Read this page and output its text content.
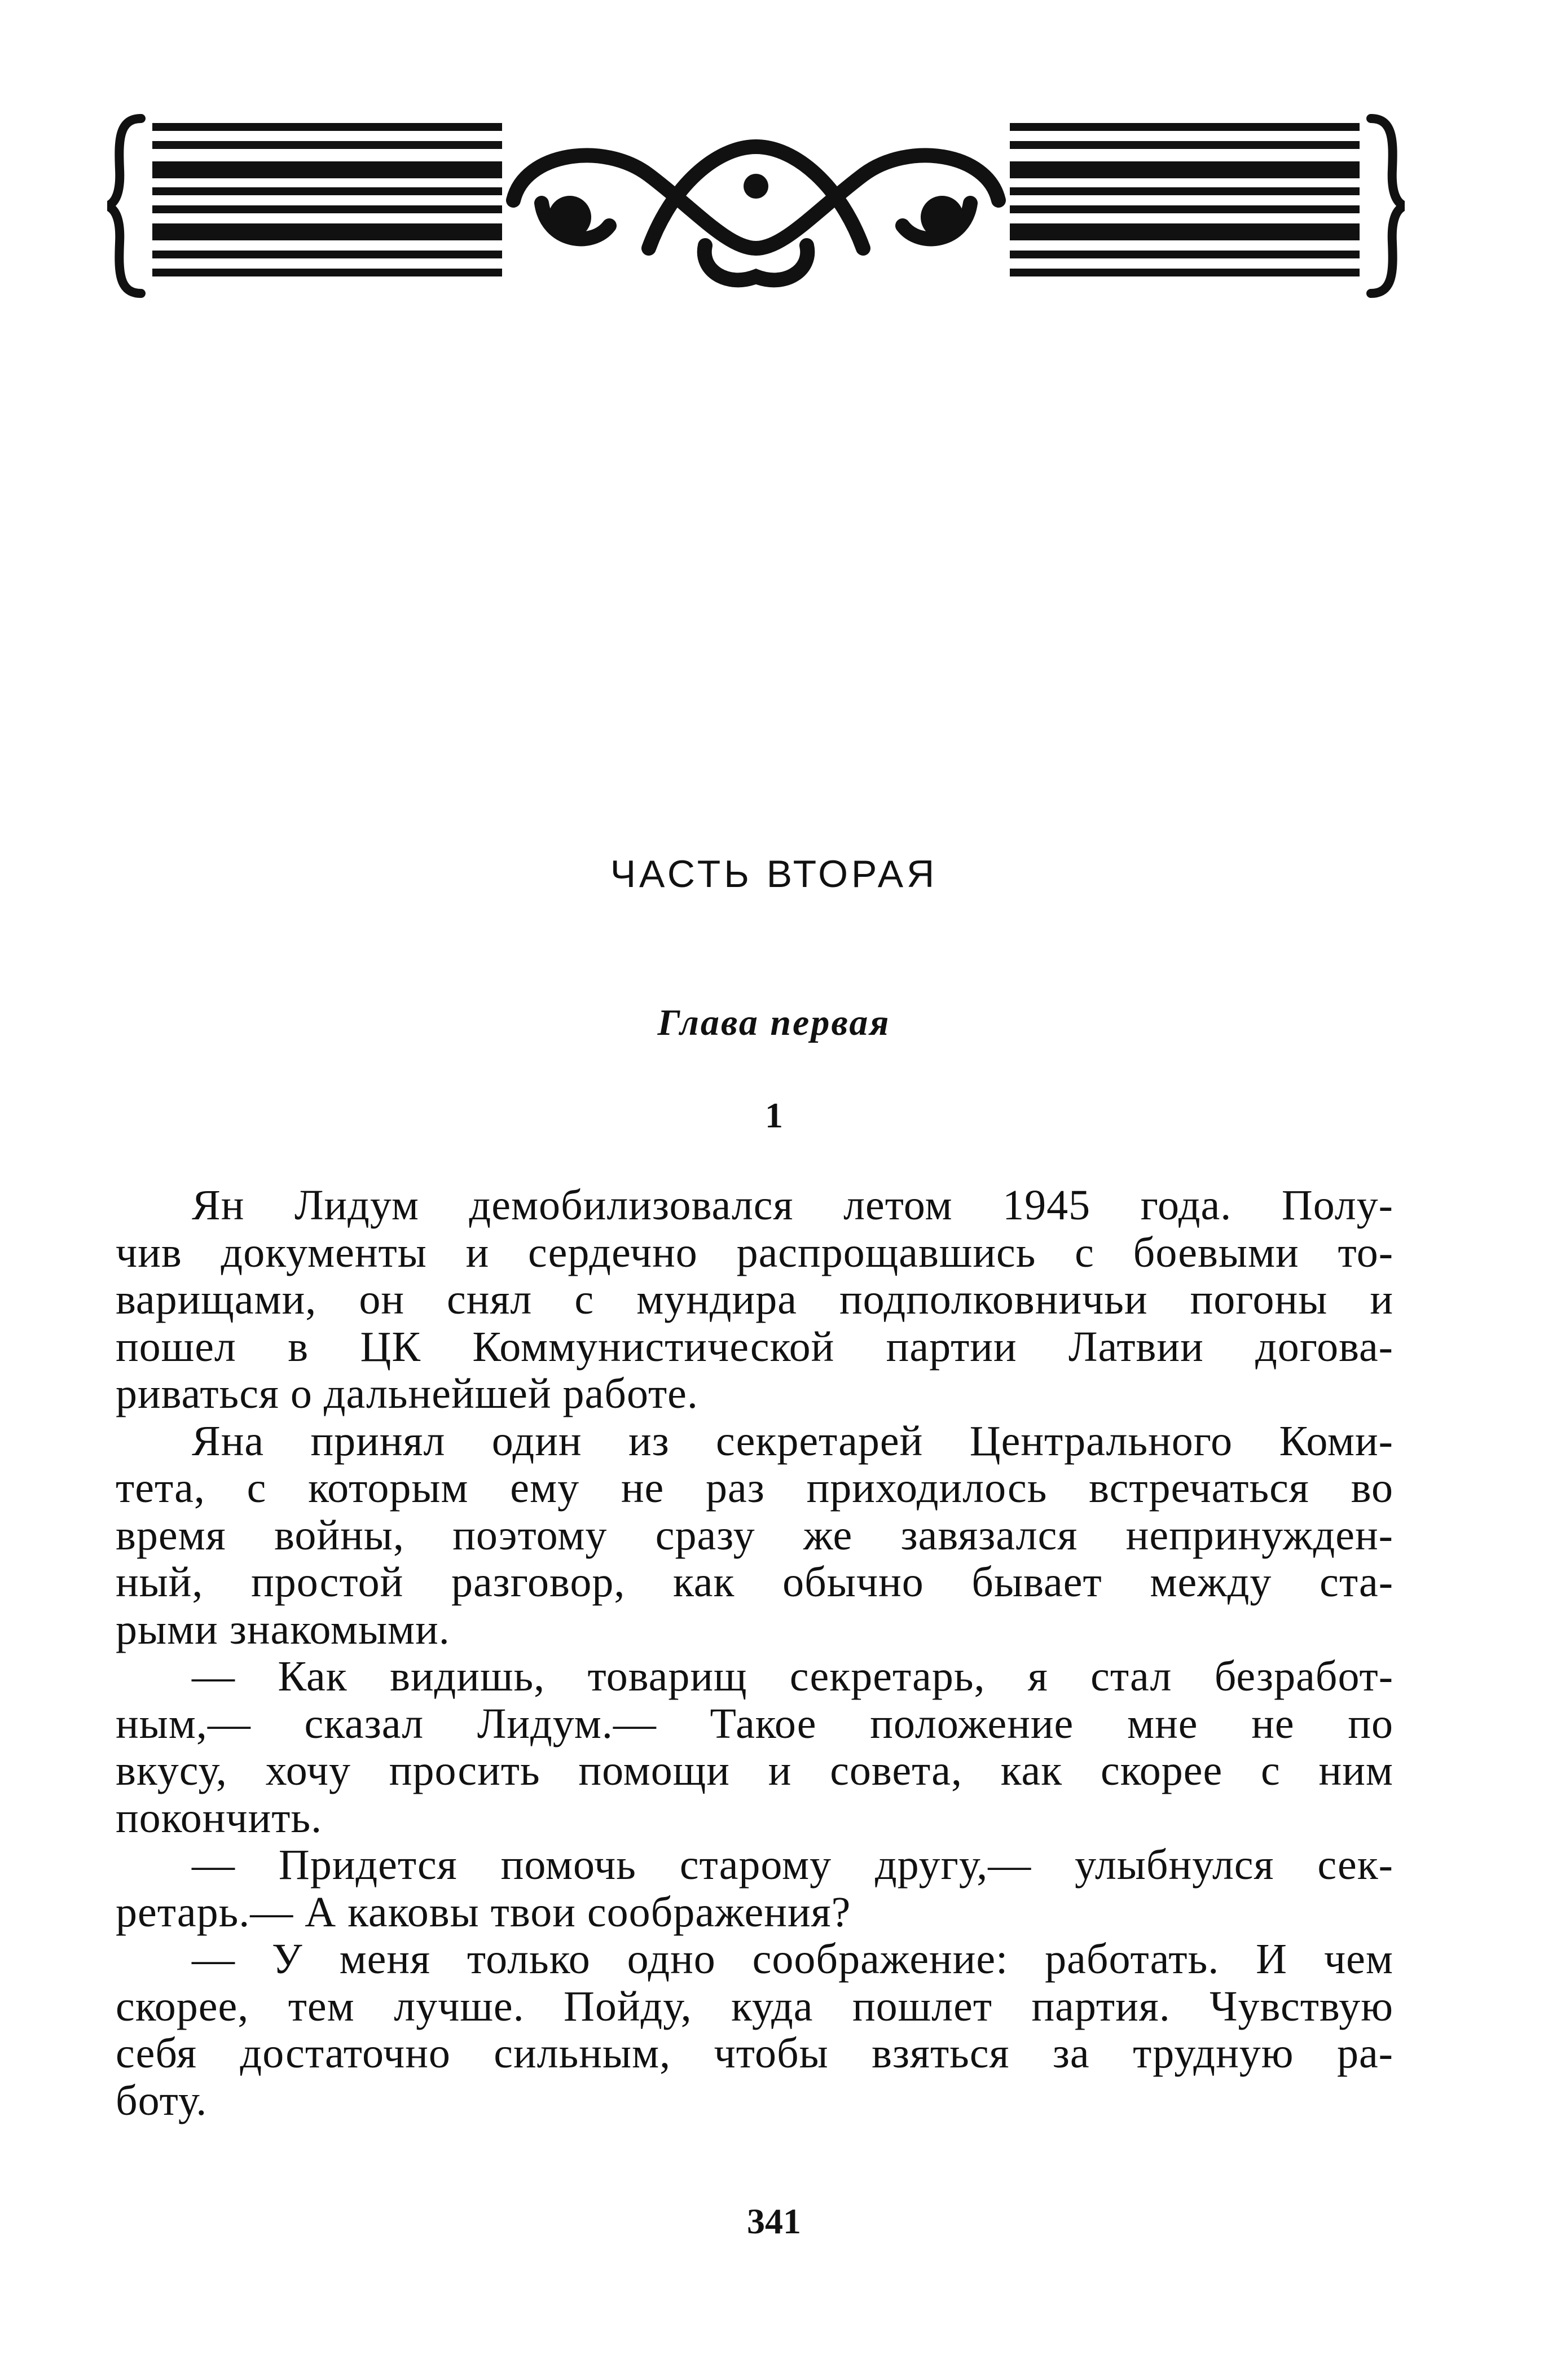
ЧАСТЬ ВТОРАЯ
Глава первая
1
Ян Лидум демобилизовался летом 1945 года. Полу-
чив документы и сердечно распрощавшись с боевыми то-
варищами, он снял с мундира подполковничьи погоны и
пошел в ЦК Коммунистической партии Латвии догова-
риваться о дальнейшей работе.
Яна принял один из секретарей Центрального Коми-
тета, с которым ему не раз приходилось встречаться во
время войны, поэтому сразу же завязался непринужден-
ный, простой разговор, как обычно бывает между ста-
рыми знакомыми.
— Как видишь, товарищ секретарь, я стал безработ-
ным,— сказал Лидум.— Такое положение мне не по
вкусу, хочу просить помощи и совета, как скорее с ним
покончить.
— Придется помочь старому другу,— улыбнулся сек-
ретарь.— А каковы твои соображения?
— У меня только одно соображение: работать. И чем
скорее, тем лучше. Пойду, куда пошлет партия. Чувствую
себя достаточно сильным, чтобы взяться за трудную ра-
боту.
341
